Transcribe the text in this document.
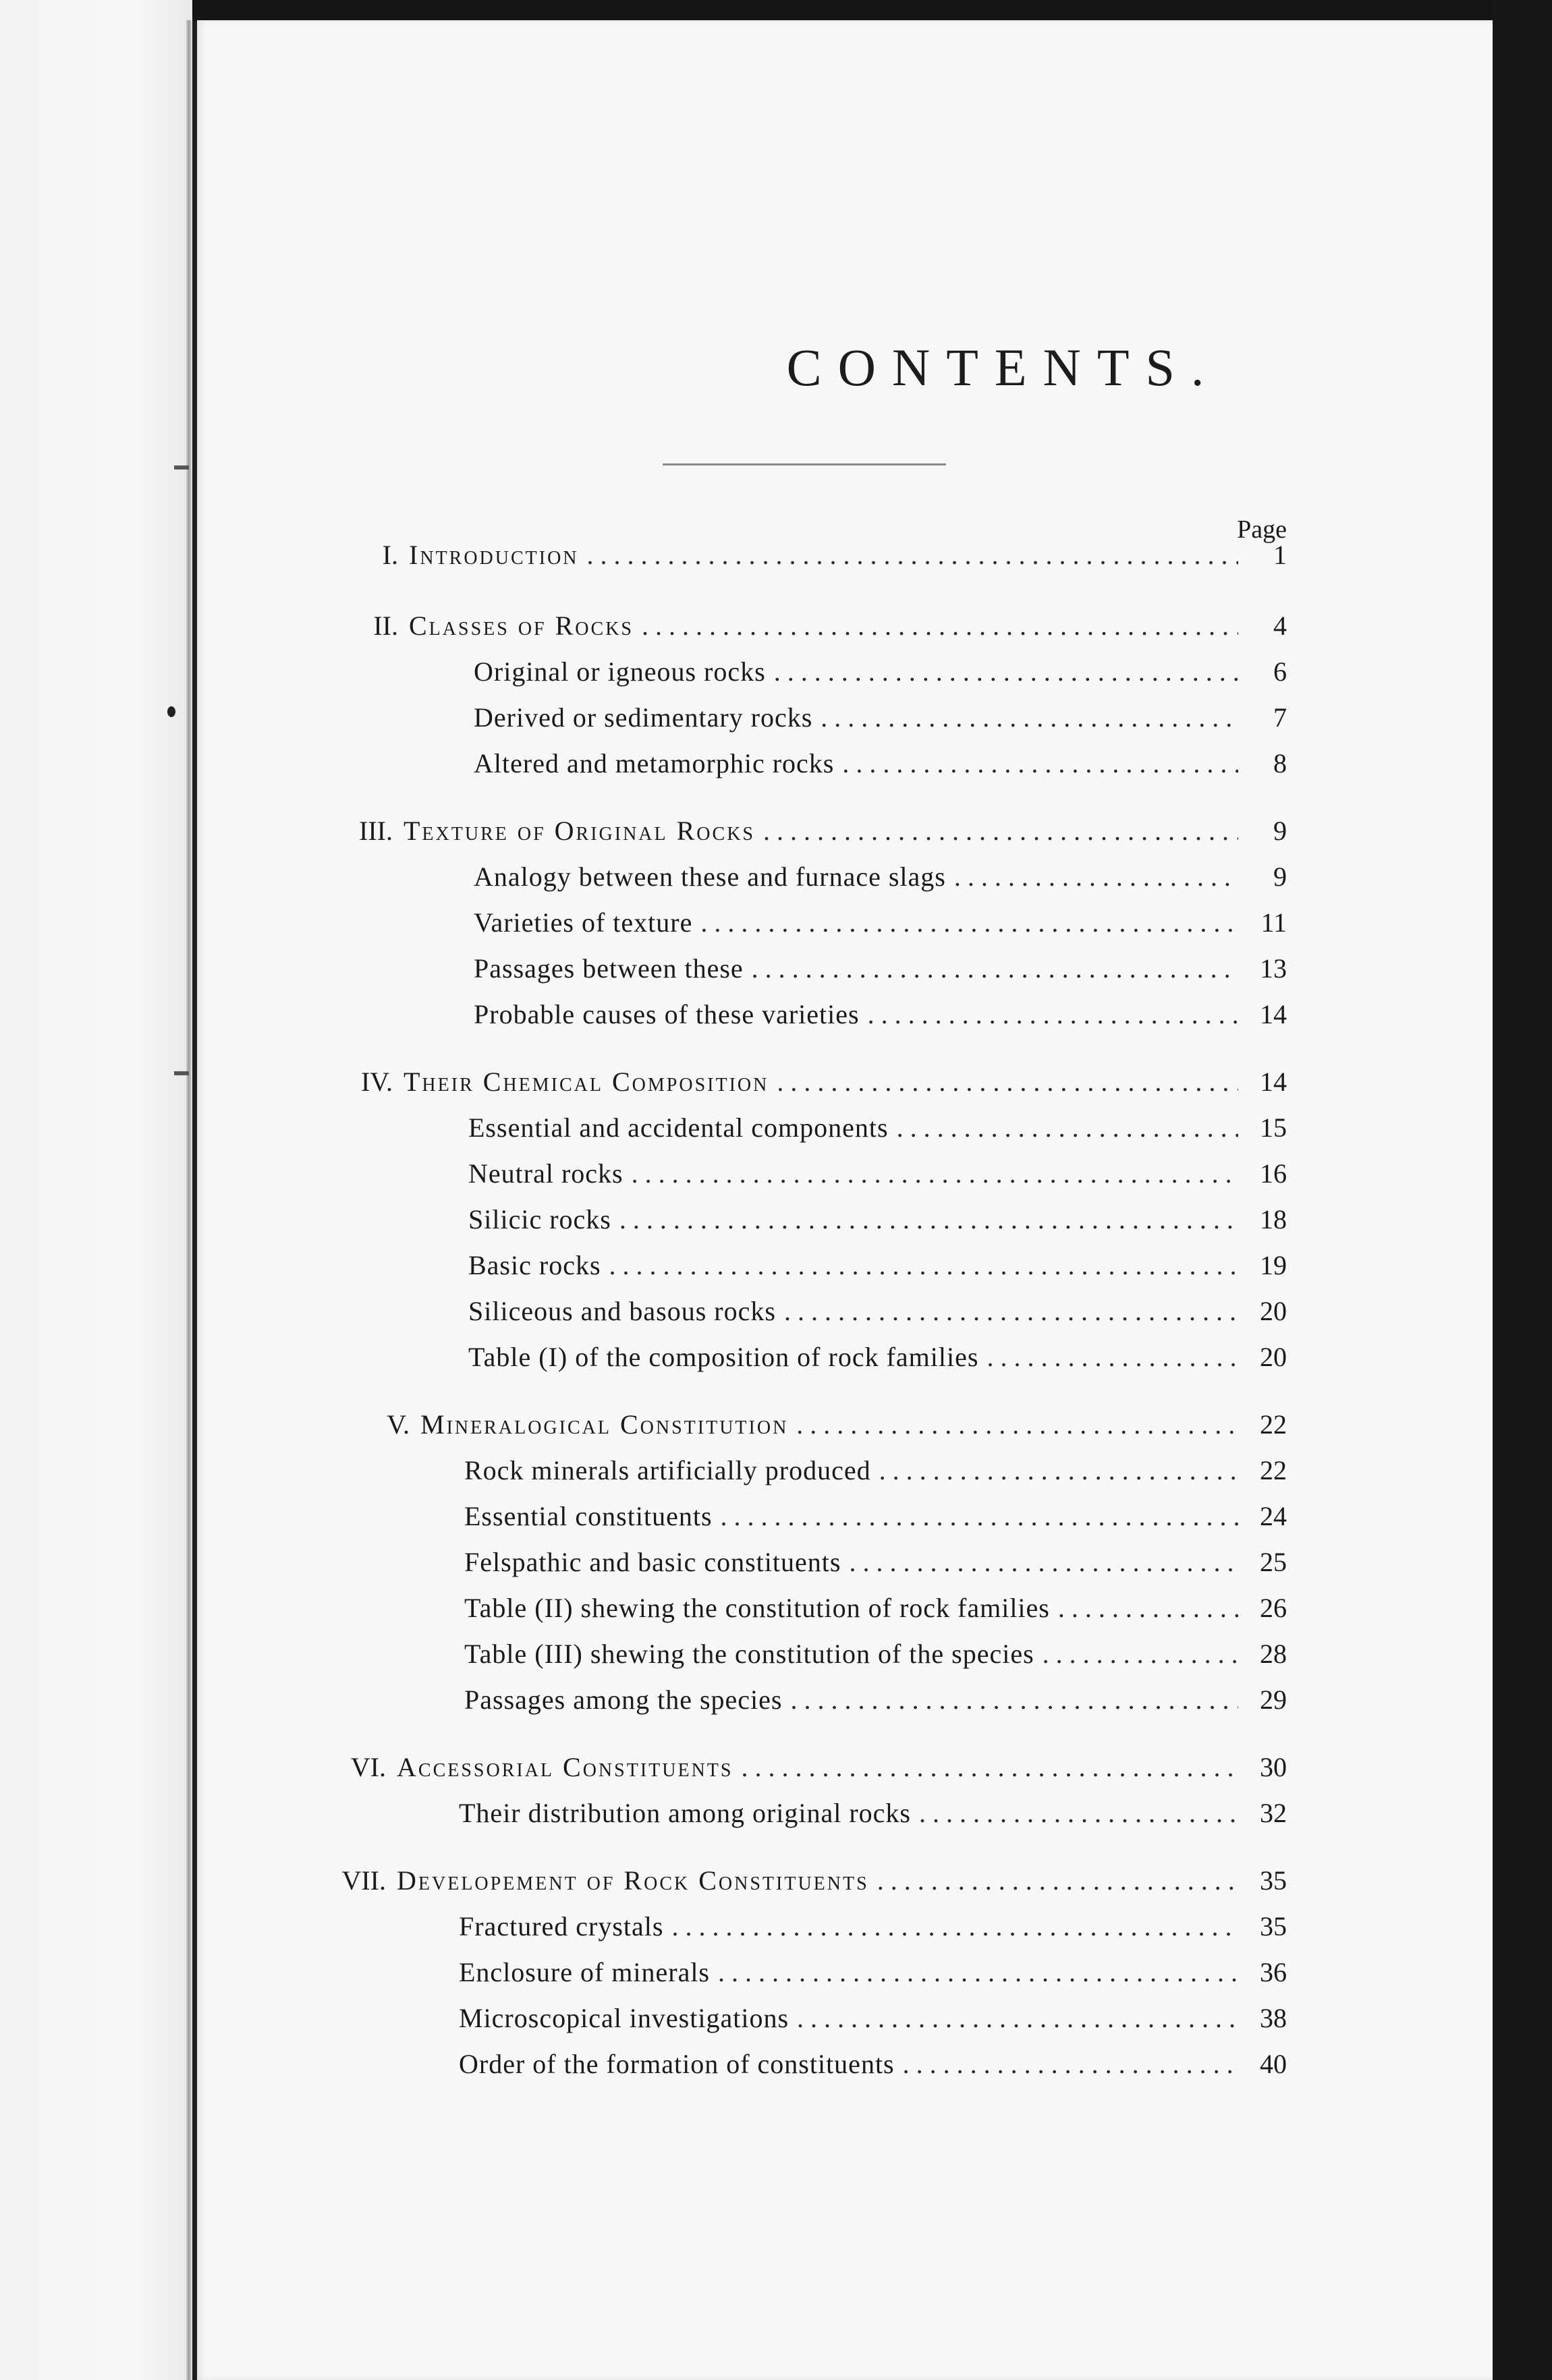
CONTENTS.
Page
I. Introduction . . .	1
II. Classes of Rocks . . .	4
Original or igneous rocks . . .	6
Derived or sedimentary rocks . . .	7
Altered and metamorphic rocks . . .	8
III. Texture of Original Rocks . . .	9
Analogy between these and furnace slags . . .	9
Varieties of texture . . .	11
Passages between these . . .	13
Probable causes of these varieties . . .	14
IV. Their Chemical Composition . . .	14
Essential and accidental components . . .	15
Neutral rocks . . .	16
Silicic rocks . . .	18
Basic rocks . . .	19
Siliceous and basous rocks . . .	20
Table (I) of the composition of rock families . . .	20
V. Mineralogical Constitution . . .	22
Rock minerals artificially produced . . .	22
Essential constituents . . .	24
Felspathic and basic constituents . . .	25
Table (II) shewing the constitution of rock families . . .	26
Table (III) shewing the constitution of the species . . .	28
Passages among the species . . .	29
VI. Accessorial Constituents . . .	30
Their distribution among original rocks . . .	32
VII. Developement of Rock Constituents . . .	35
Fractured crystals . . .	35
Enclosure of minerals . . .	36
Microscopical investigations . . .	38
Order of the formation of constituents . . .	40
